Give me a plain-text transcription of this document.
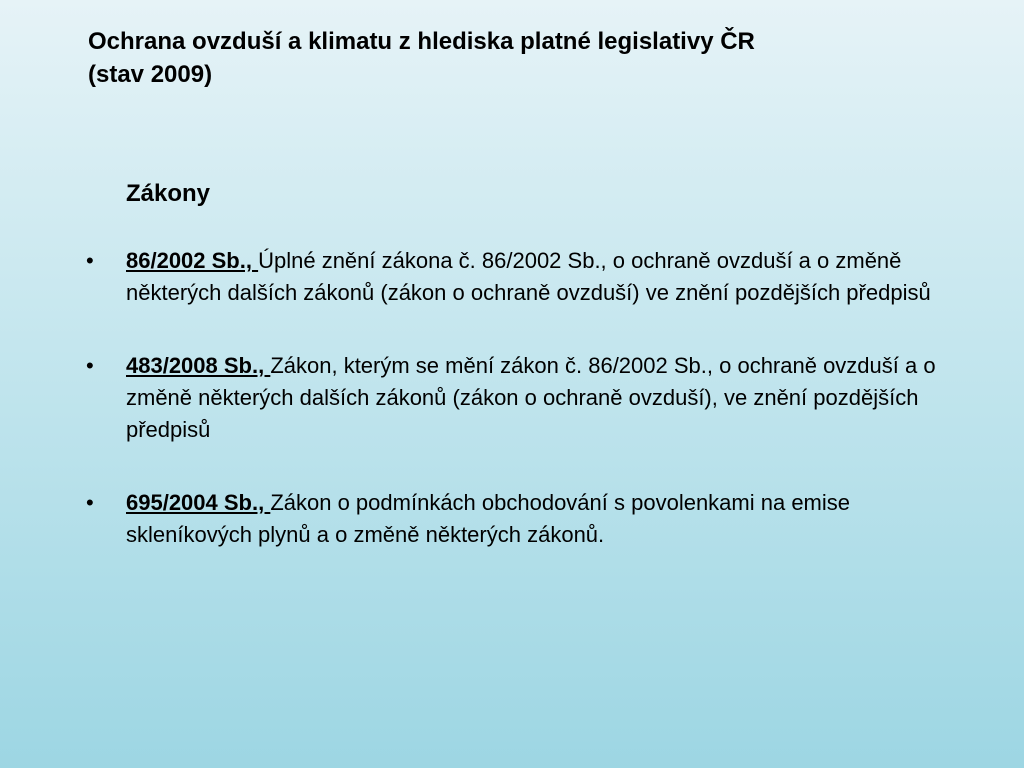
Ochrana ovzduší a klimatu z hlediska platné legislativy ČR
(stav 2009)
Zákony
•	86/2002 Sb., Úplné znění zákona č. 86/2002 Sb., o ochraně ovzduší a o změně některých dalších zákonů (zákon o ochraně ovzduší) ve znění pozdějších předpisů
•	483/2008 Sb., Zákon, kterým se mění zákon č. 86/2002 Sb., o ochraně ovzduší a o změně některých dalších zákonů (zákon o ochraně ovzduší), ve znění pozdějších předpisů
•	695/2004 Sb., Zákon o podmínkách obchodování s povolenkami na emise skleníkových plynů a o změně některých zákonů.
